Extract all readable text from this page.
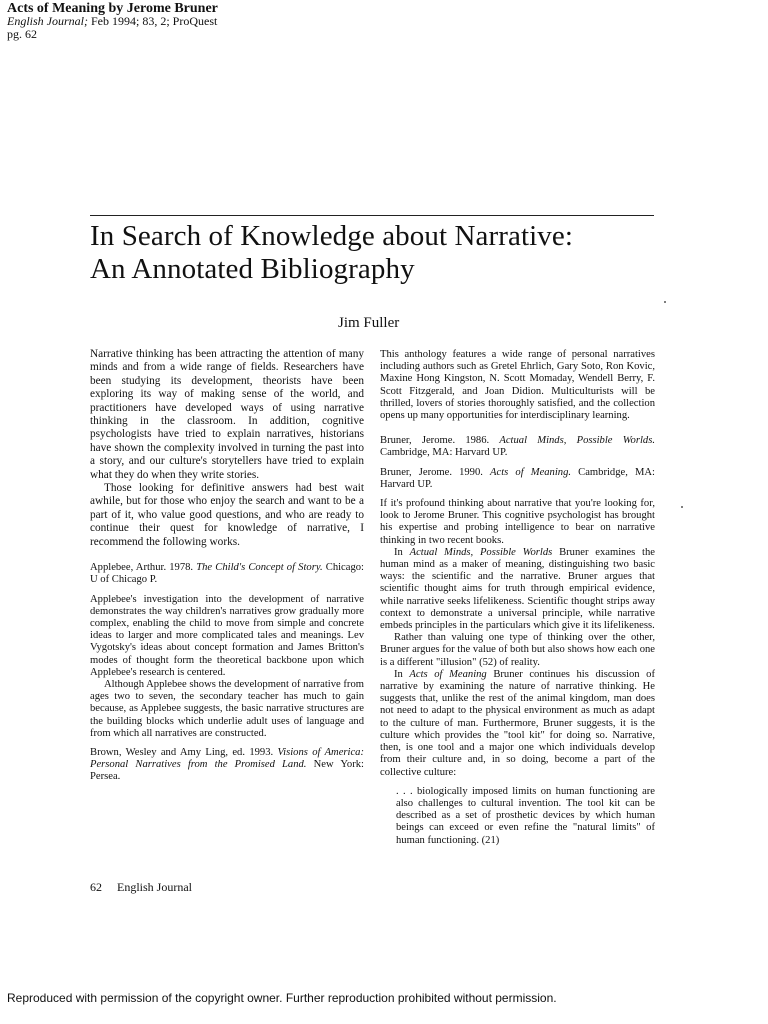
Acts of Meaning by Jerome Bruner
English Journal; Feb 1994; 83, 2; ProQuest
pg. 62
In Search of Knowledge about Narrative:
An Annotated Bibliography
Jim Fuller

Narrative thinking has been attracting the attention of many minds and from a wide range of fields. Researchers have been studying its development, theorists have been exploring its way of making sense of the world, and practitioners have developed ways of using narrative thinking in the classroom. In addition, cognitive psychologists have tried to explain narratives, historians have shown the complexity involved in turning the past into a story, and our culture's storytellers have tried to explain what they do when they write stories.

Those looking for definitive answers had best wait awhile, but for those who enjoy the search and want to be a part of it, who value good questions, and who are ready to continue their quest for knowledge of narrative, I recommend the following works.

Applebee, Arthur. 1978. The Child's Concept of Story. Chicago: U of Chicago P.

Applebee's investigation into the development of narrative demonstrates the way children's narratives grow gradually more complex, enabling the child to move from simple and concrete ideas to larger and more complicated tales and meanings. Lev Vygotsky's ideas about concept formation and James Britton's modes of thought form the theoretical backbone upon which Applebee's research is centered.

Although Applebee shows the development of narrative from ages two to seven, the secondary teacher has much to gain because, as Applebee suggests, the basic narrative structures are the building blocks which underlie adult uses of language and from which all narratives are constructed.

Brown, Wesley and Amy Ling, ed. 1993. Visions of America: Personal Narratives from the Promised Land. New York: Persea.

This anthology features a wide range of personal narratives including authors such as Gretel Ehrlich, Gary Soto, Ron Kovic, Maxine Hong Kingston, N. Scott Momaday, Wendell Berry, F. Scott Fitzgerald, and Joan Didion. Multiculturists will be thrilled, lovers of stories thoroughly satisfied, and the collection opens up many opportunities for interdisciplinary learning.

Bruner, Jerome. 1986. Actual Minds, Possible Worlds. Cambridge, MA: Harvard UP.

Bruner, Jerome. 1990. Acts of Meaning. Cambridge, MA: Harvard UP.

If it's profound thinking about narrative that you're looking for, look to Jerome Bruner. This cognitive psychologist has brought his expertise and probing intelligence to bear on narrative thinking in two recent books.

In Actual Minds, Possible Worlds Bruner examines the human mind as a maker of meaning, distinguishing two basic ways: the scientific and the narrative. Bruner argues that scientific thought aims for truth through empirical evidence, while narrative seeks lifelikeness. Scientific thought strips away context to demonstrate a universal principle, while narrative embeds principles in the particulars which give it its lifelikeness.

Rather than valuing one type of thinking over the other, Bruner argues for the value of both but also shows how each one is a different "illusion" (52) of reality.

In Acts of Meaning Bruner continues his discussion of narrative by examining the nature of narrative thinking. He suggests that, unlike the rest of the animal kingdom, man does not need to adapt to the physical environment as much as adapt to the culture of man. Furthermore, Bruner suggests, it is the culture which provides the "tool kit" for doing so. Narrative, then, is one tool and a major one which individuals develop from their culture and, in so doing, become a part of the collective culture:

. . . biologically imposed limits on human functioning are also challenges to cultural invention. The tool kit can be described as a set of prosthetic devices by which human beings can exceed or even refine the "natural limits" of human functioning. (21)

62 English Journal
Reproduced with permission of the copyright owner. Further reproduction prohibited without permission.
